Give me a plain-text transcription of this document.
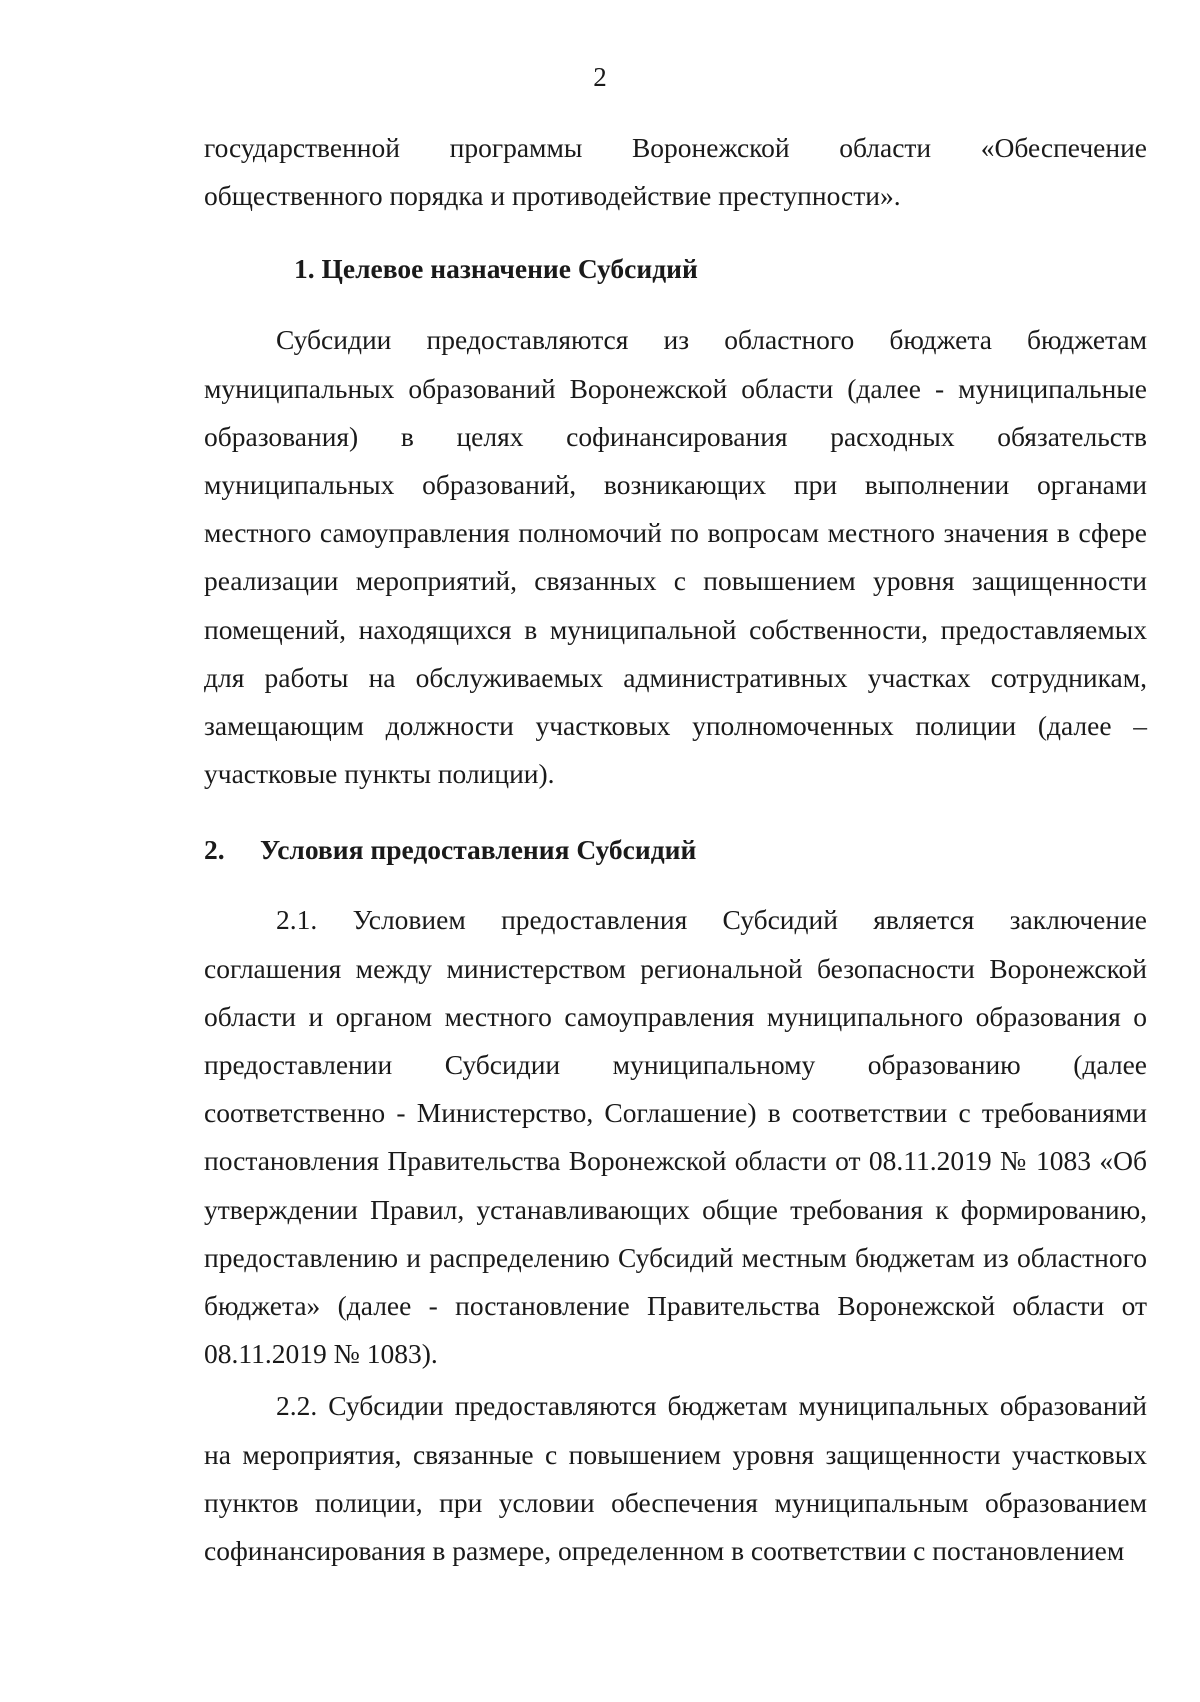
2

государственной программы Воронежской области «Обеспечение общественного порядка и противодействие преступности».

1. Целевое назначение Субсидий

Субсидии предоставляются из областного бюджета бюджетам муниципальных образований Воронежской области (далее - муниципальные образования) в целях софинансирования расходных обязательств муниципальных образований, возникающих при выполнении органами местного самоуправления полномочий по вопросам местного значения в сфере реализации мероприятий, связанных с повышением уровня защищенности помещений, находящихся в муниципальной собственности, предоставляемых для работы на обслуживаемых административных участках сотрудникам, замещающим должности участковых уполномоченных полиции (далее – участковые пункты полиции).

2. Условия предоставления Субсидий

2.1. Условием предоставления Субсидий является заключение соглашения между министерством региональной безопасности Воронежской области и органом местного самоуправления муниципального образования о предоставлении Субсидии муниципальному образованию (далее соответственно - Министерство, Соглашение) в соответствии с требованиями постановления Правительства Воронежской области от 08.11.2019 № 1083 «Об утверждении Правил, устанавливающих общие требования к формированию, предоставлению и распределению Субсидий местным бюджетам из областного бюджета» (далее - постановление Правительства Воронежской области от 08.11.2019 № 1083).

2.2. Субсидии предоставляются бюджетам муниципальных образований на мероприятия, связанные с повышением уровня защищенности участковых пунктов полиции, при условии обеспечения муниципальным образованием софинансирования в размере, определенном в соответствии с постановлением
